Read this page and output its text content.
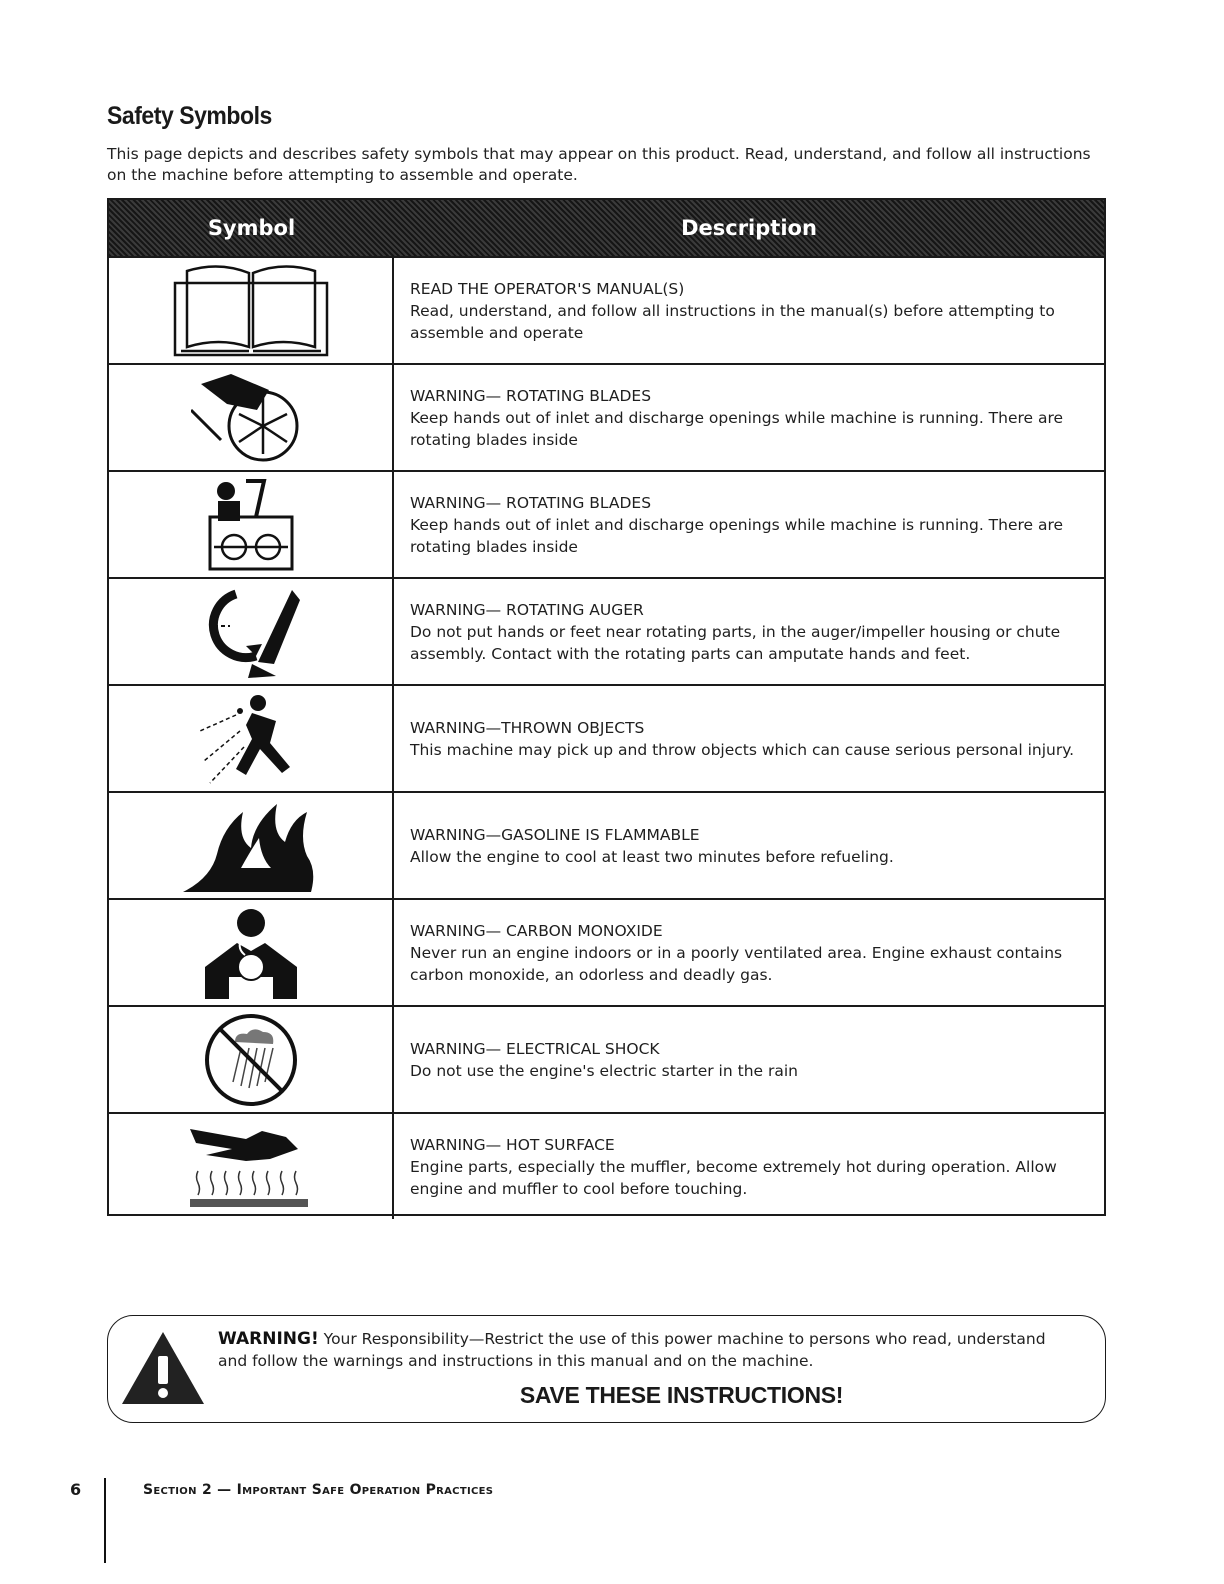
Safety Symbols
This page depicts and describes safety symbols that may appear on this product. Read, understand, and follow all instructions on the machine before attempting to assemble and operate.
Symbol	Description
READ THE OPERATOR'S MANUAL(S)
Read, understand, and follow all instructions in the manual(s) before attempting to assemble and operate
WARNING— ROTATING BLADES
Keep hands out of inlet and discharge openings while machine is running. There are rotating blades inside
WARNING— ROTATING BLADES
Keep hands out of inlet and discharge openings while machine is running. There are rotating blades inside
WARNING— ROTATING AUGER
Do not put hands or feet near rotating parts, in the auger/impeller housing or chute assembly. Contact with the rotating parts can amputate hands and feet.
WARNING—THROWN OBJECTS
This machine may pick up and throw objects which can cause serious personal injury.
WARNING—GASOLINE IS FLAMMABLE
Allow the engine to cool at least two minutes before refueling.
WARNING— CARBON MONOXIDE
Never run an engine indoors or in a poorly ventilated area. Engine exhaust contains carbon monoxide, an odorless and deadly gas.
WARNING— ELECTRICAL SHOCK
Do not use the engine's electric starter in the rain
WARNING— HOT SURFACE
Engine parts, especially the muffler, become extremely hot during operation. Allow engine and muffler to cool before touching.
WARNING! Your Responsibility—Restrict the use of this power machine to persons who read, understand and follow the warnings and instructions in this manual and on the machine.
SAVE THESE INSTRUCTIONS!
6	Section 2 — Important Safe Operation Practices
